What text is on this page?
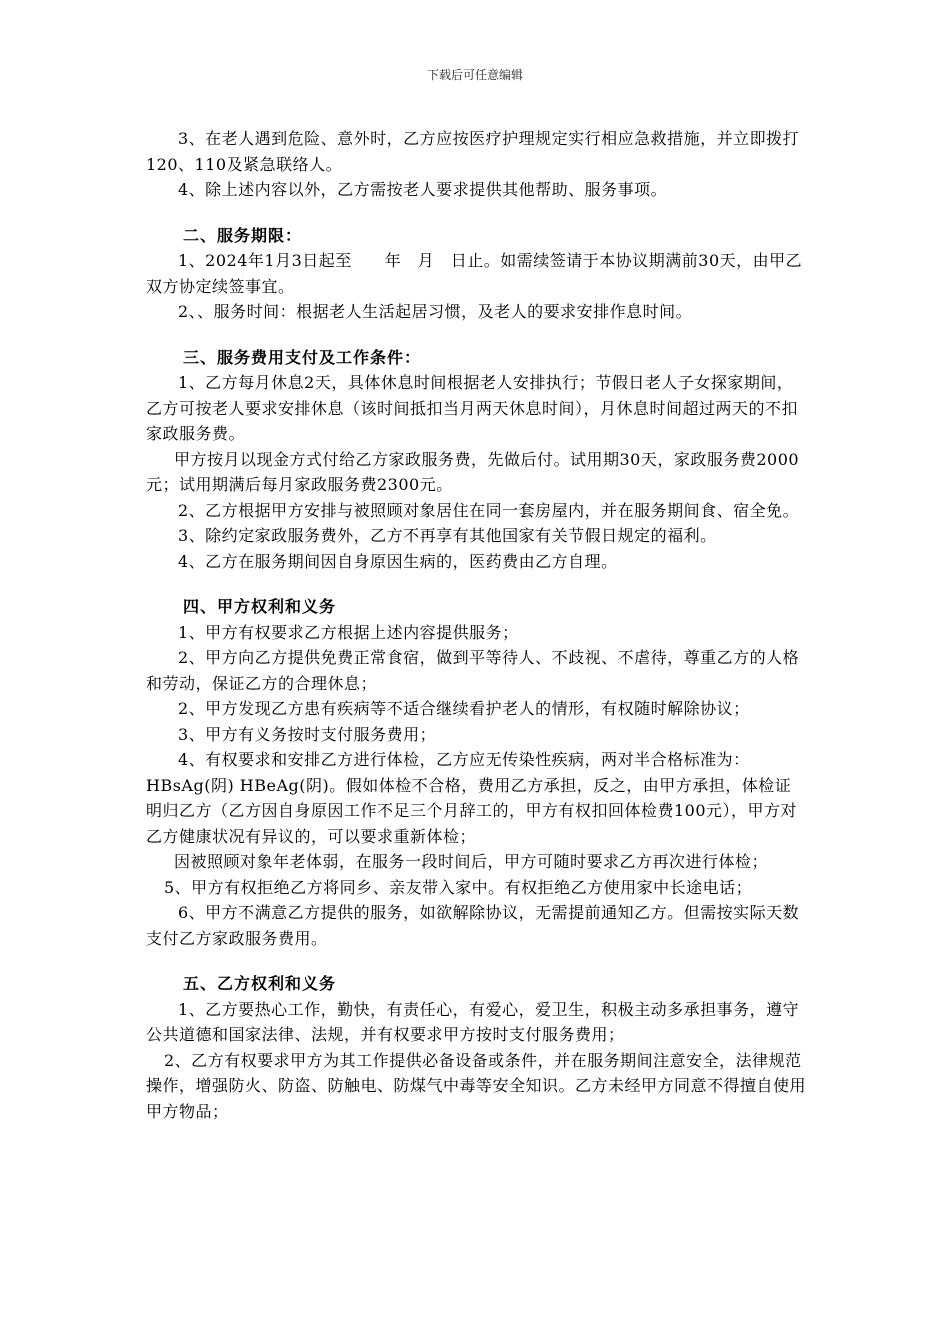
下载后可任意编辑

3、在老人遇到危险、意外时，乙方应按医疗护理规定实行相应急救措施，并立即拨打120、110及紧急联络人。

4、除上述内容以外，乙方需按老人要求提供其他帮助、服务事项。

二、服务期限：

1、2024年1月3日起至　　年　月　日止。如需续签请于本协议期满前30天，由甲乙双方协定续签事宜。

2、、服务时间：根据老人生活起居习惯，及老人的要求安排作息时间。

三、服务费用支付及工作条件：

1、乙方每月休息2天，具体休息时间根据老人安排执行；节假日老人子女探家期间，乙方可按老人要求安排休息（该时间抵扣当月两天休息时间），月休息时间超过两天的不扣家政服务费。

甲方按月以现金方式付给乙方家政服务费，先做后付。试用期30天，家政服务费2000元；试用期满后每月家政服务费2300元。

2、乙方根据甲方安排与被照顾对象居住在同一套房屋内，并在服务期间食、宿全免。

3、除约定家政服务费外，乙方不再享有其他国家有关节假日规定的福利。

4、乙方在服务期间因自身原因生病的，医药费由乙方自理。

四、甲方权利和义务

1、甲方有权要求乙方根据上述内容提供服务；

2、甲方向乙方提供免费正常食宿，做到平等待人、不歧视、不虐待，尊重乙方的人格和劳动，保证乙方的合理休息；

2、甲方发现乙方患有疾病等不适合继续看护老人的情形，有权随时解除协议；

3、甲方有义务按时支付服务费用；

4、有权要求和安排乙方进行体检，乙方应无传染性疾病，两对半合格标准为：HBsAg(阴) HBeAg(阴)。假如体检不合格，费用乙方承担，反之，由甲方承担，体检证明归乙方（乙方因自身原因工作不足三个月辞工的，甲方有权扣回体检费100元），甲方对乙方健康状况有异议的，可以要求重新体检；

因被照顾对象年老体弱，在服务一段时间后，甲方可随时要求乙方再次进行体检；

5、甲方有权拒绝乙方将同乡、亲友带入家中。有权拒绝乙方使用家中长途电话；

6、甲方不满意乙方提供的服务，如欲解除协议，无需提前通知乙方。但需按实际天数支付乙方家政服务费用。

五、乙方权利和义务

1、乙方要热心工作，勤快，有责任心，有爱心，爱卫生，积极主动多承担事务，遵守公共道德和国家法律、法规，并有权要求甲方按时支付服务费用；

2、乙方有权要求甲方为其工作提供必备设备或条件，并在服务期间注意安全，法律规范操作，增强防火、防盗、防触电、防煤气中毒等安全知识。乙方未经甲方同意不得擅自使用甲方物品；
